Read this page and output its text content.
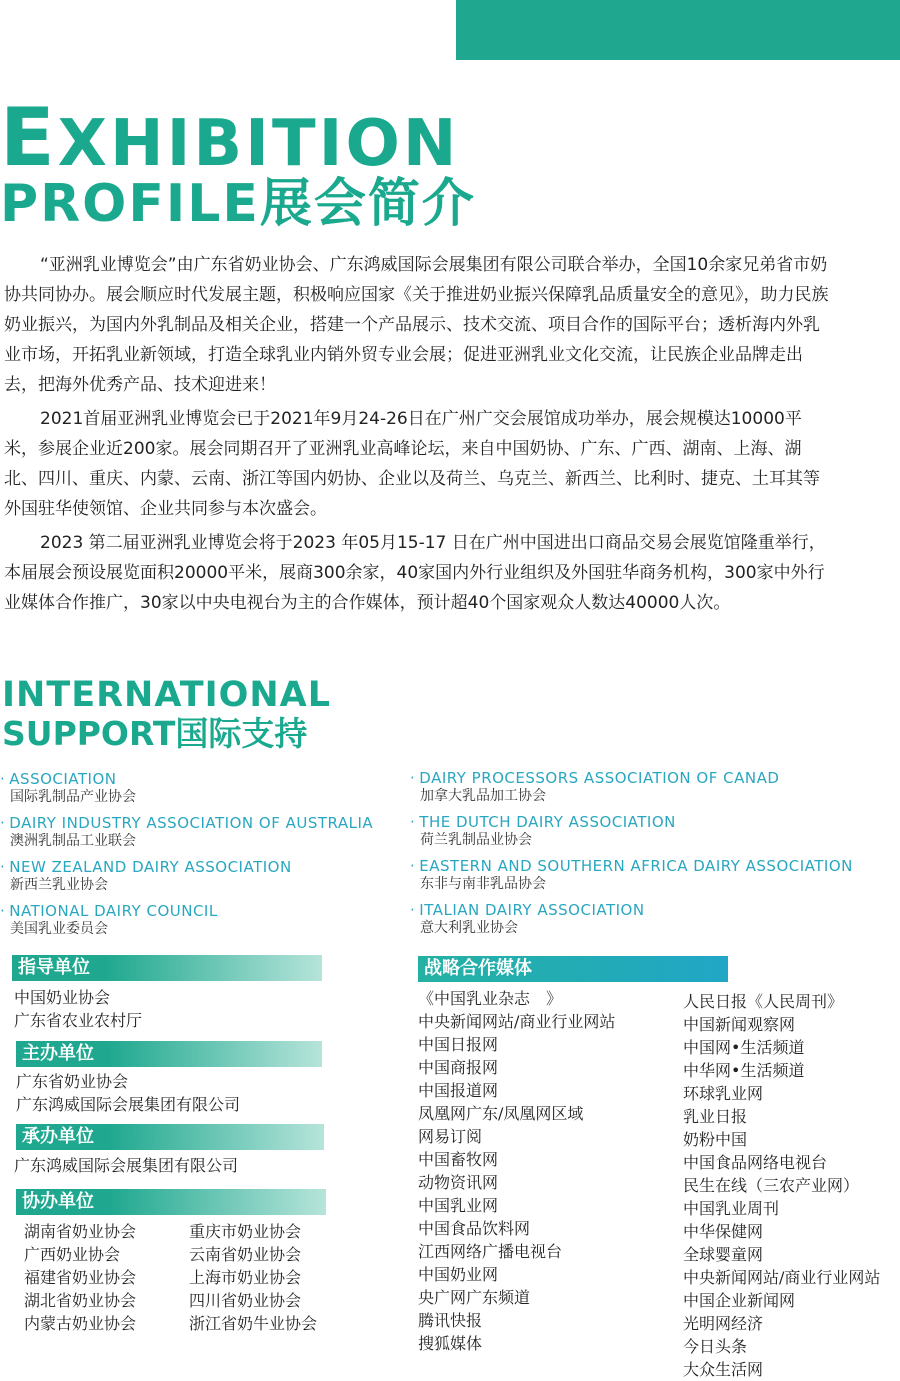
EXHIBITION
PROFILE展会简介

“亚洲乳业博览会”由广东省奶业协会、广东鸿威国际会展集团有限公司联合举办，全国10余家兄弟省市奶协共同协办。展会顺应时代发展主题，积极响应国家《关于推进奶业振兴保障乳品质量安全的意见》，助力民族奶业振兴，为国内外乳制品及相关企业，搭建一个产品展示、技术交流、项目合作的国际平台；透析海内外乳业市场，开拓乳业新领域，打造全球乳业内销外贸专业会展；促进亚洲乳业文化交流，让民族企业品牌走出去，把海外优秀产品、技术迎进来！

2021首届亚洲乳业博览会已于2021年9月24-26日在广州广交会展馆成功举办，展会规模达10000平米，参展企业近200家。展会同期召开了亚洲乳业高峰论坛，来自中国奶协、广东、广西、湖南、上海、湖北、四川、重庆、内蒙、云南、浙江等国内奶协、企业以及荷兰、乌克兰、新西兰、比利时、捷克、土耳其等外国驻华使领馆、企业共同参与本次盛会。

2023 第二届亚洲乳业博览会将于2023 年05月15-17 日在广州中国进出口商品交易会展览馆隆重举行，本届展会预设展览面积20000平米，展商300余家，40家国内外行业组织及外国驻华商务机构，300家中外行业媒体合作推广，30家以中央电视台为主的合作媒体，预计超40个国家观众人数达40000人次。

INTERNATIONAL
SUPPORT国际支持
· ASSOCIATION
国际乳制品产业协会
· DAIRY INDUSTRY ASSOCIATION OF AUSTRALIA
澳洲乳制品工业联会
· NEW ZEALAND DAIRY ASSOCIATION
新西兰乳业协会
· NATIONAL DAIRY COUNCIL
美国乳业委员会
· DAIRY PROCESSORS ASSOCIATION OF CANAD
加拿大乳品加工协会
· THE DUTCH DAIRY ASSOCIATION
荷兰乳制品业协会
· EASTERN AND SOUTHERN AFRICA DAIRY ASSOCIATION
东非与南非乳品协会
· ITALIAN DAIRY ASSOCIATION
意大利乳业协会
指导单位
中国奶业协会
广东省农业农村厅
主办单位
广东省奶业协会
广东鸿威国际会展集团有限公司
承办单位
广东鸿威国际会展集团有限公司
协办单位
湖南省奶业协会
广西奶业协会
福建省奶业协会
湖北省奶业协会
内蒙古奶业协会
重庆市奶业协会
云南省奶业协会
上海市奶业协会
四川省奶业协会
浙江省奶牛业协会
战略合作媒体
《中国乳业杂志　》
中央新闻网站/商业行业网站
中国日报网
中国商报网
中国报道网
凤凰网广东/凤凰网区域
网易订阅
中国畜牧网
动物资讯网
中国乳业网
中国食品饮料网
江西网络广播电视台
中国奶业网
央广网广东频道
腾讯快报
搜狐媒体
人民日报《人民周刊》
中国新闻观察网
中国网•生活频道
中华网•生活频道
环球乳业网
乳业日报
奶粉中国
中国食品网络电视台
民生在线（三农产业网）
中国乳业周刊
中华保健网
全球婴童网
中央新闻网站/商业行业网站
中国企业新闻网
光明网经济
今日头条
大众生活网
